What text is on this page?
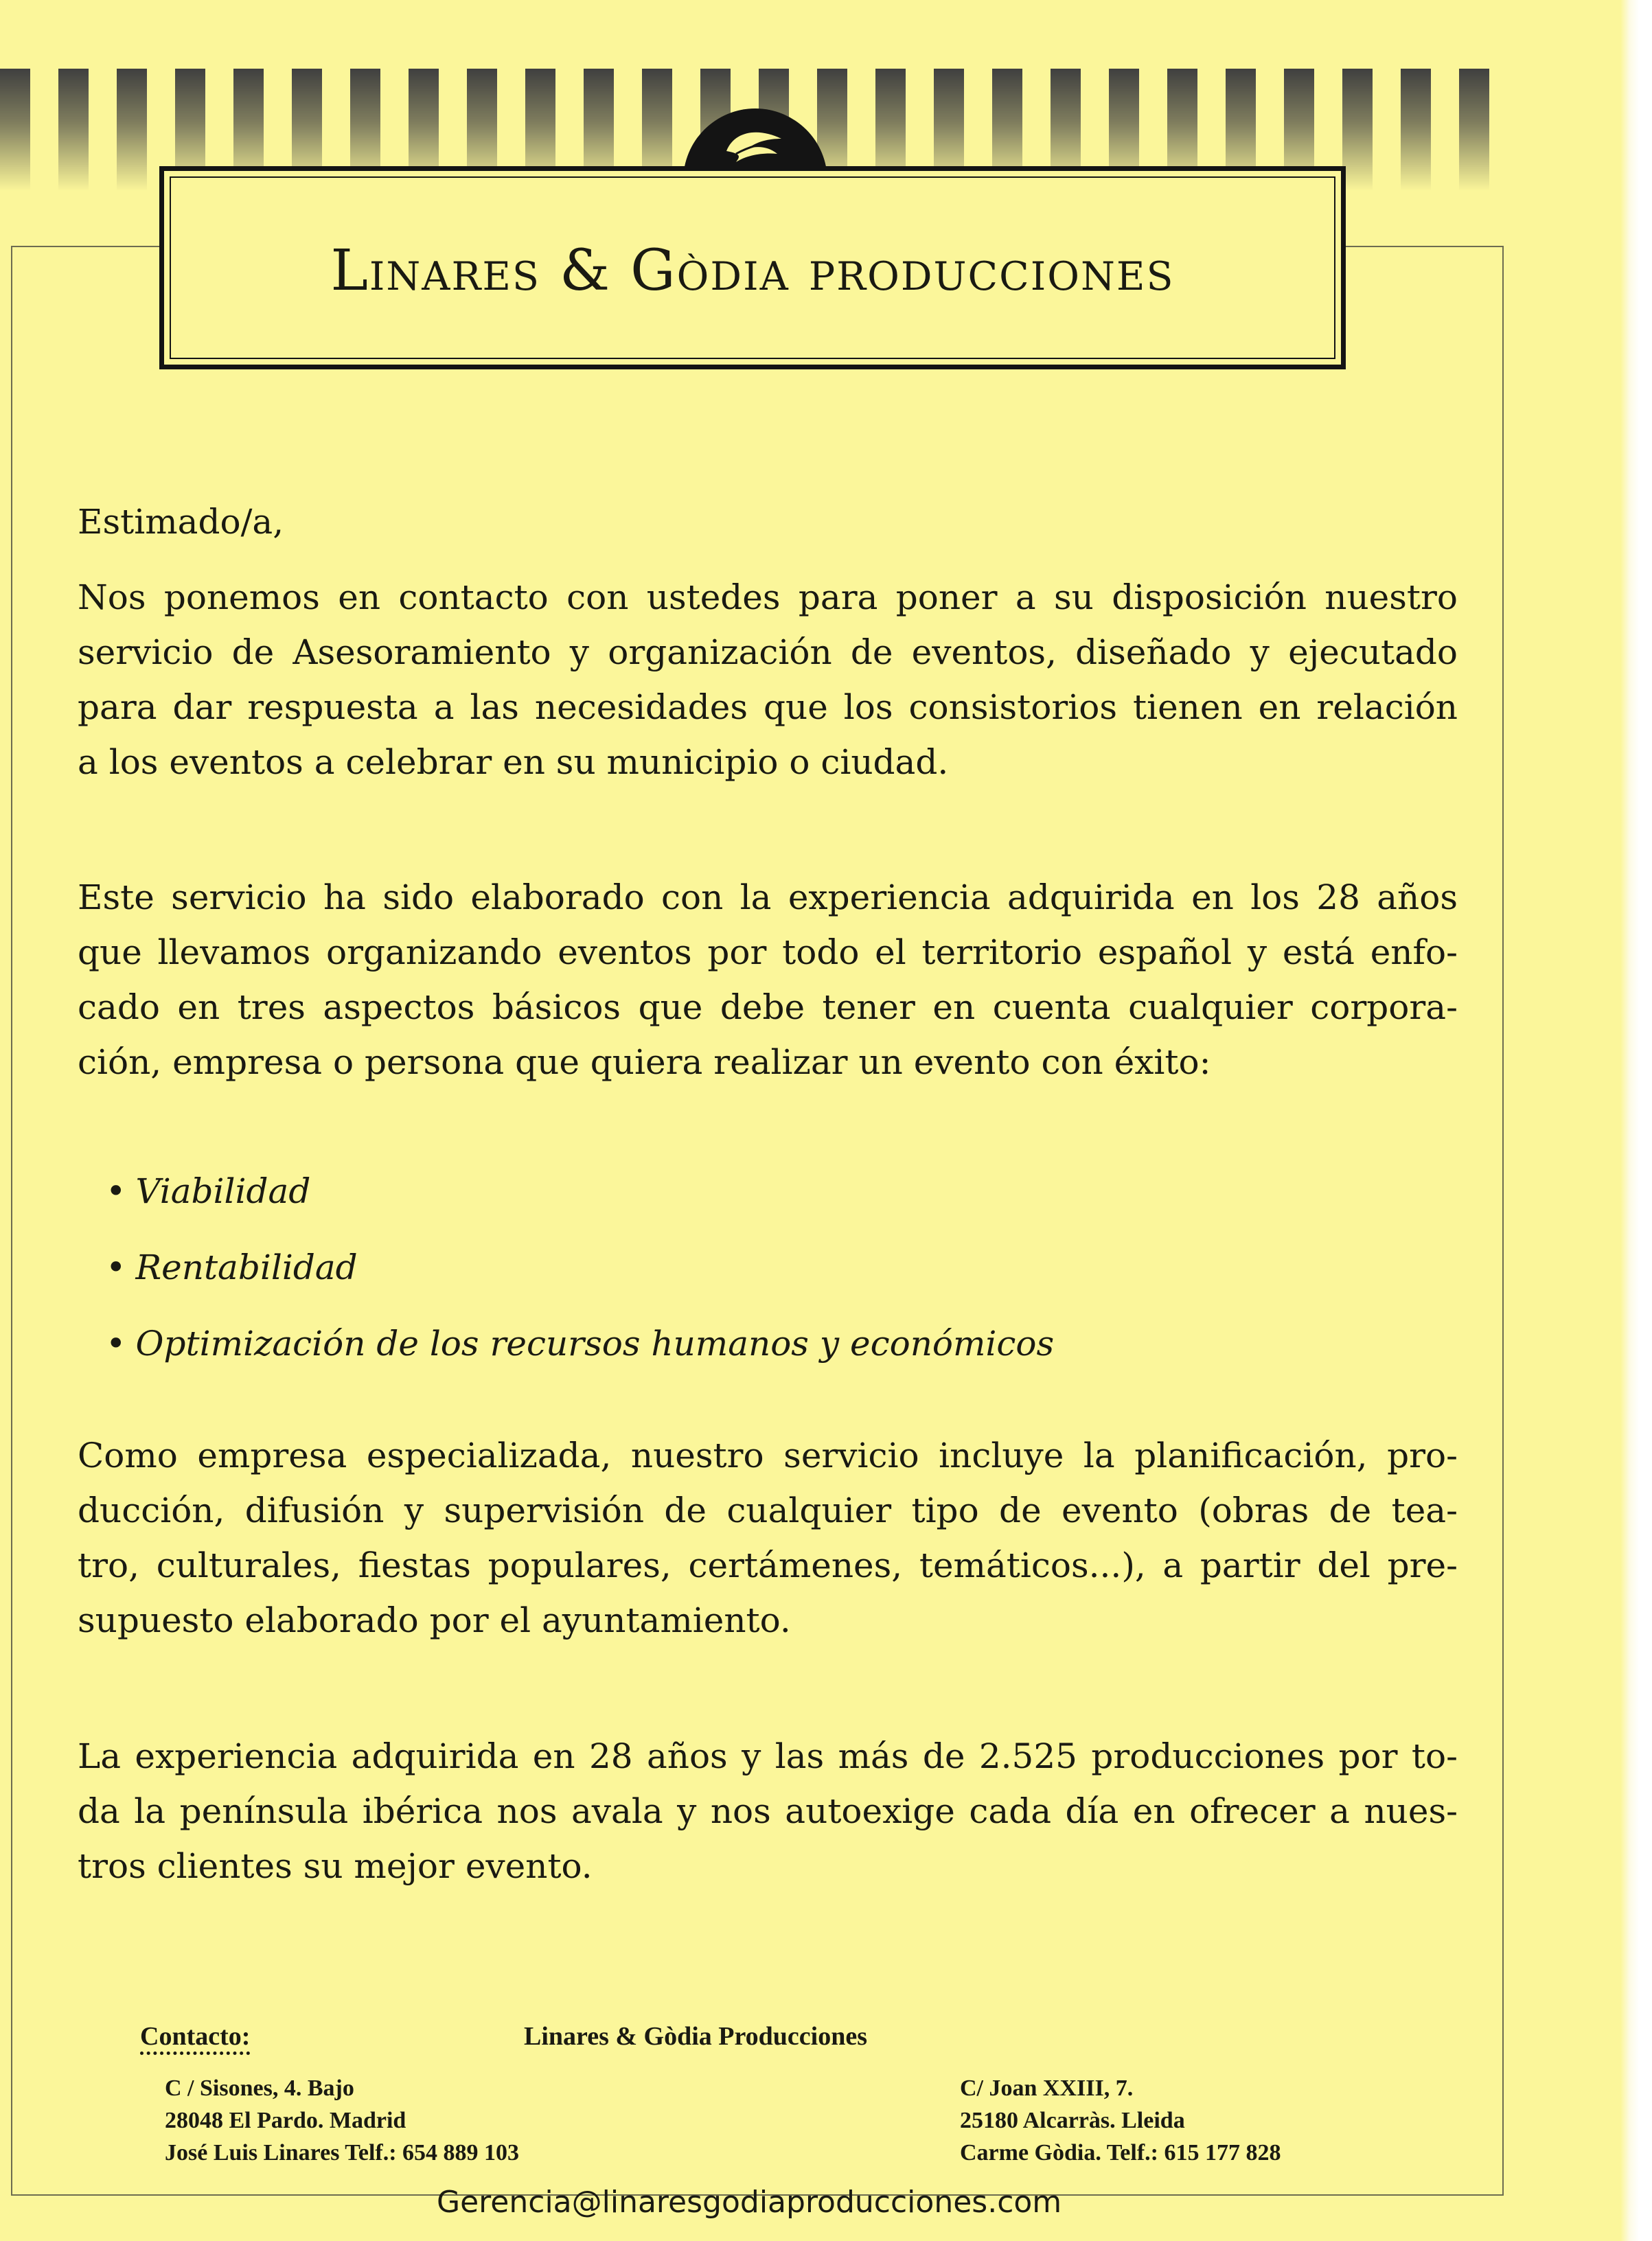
Linares & Gòdia producciones

Estimado/a,

Nos ponemos en contacto con ustedes para poner a su disposición nuestro
servicio de Asesoramiento y organización de eventos, diseñado y ejecutado
para dar respuesta a las necesidades que los consistorios tienen en relación
a los eventos a celebrar en su municipio o ciudad.

Este servicio ha sido elaborado con la experiencia adquirida en los 28 años
que llevamos organizando eventos por todo el territorio español y está enfo-
cado en tres aspectos básicos que debe tener en cuenta cualquier corpora-
ción, empresa o persona que quiera realizar un evento con éxito:

• Viabilidad
• Rentabilidad
• Optimización de los recursos humanos y económicos

Como empresa especializada, nuestro servicio incluye la planificación, pro-
ducción, difusión y supervisión de cualquier tipo de evento (obras de tea-
tro, culturales, fiestas populares, certámenes, temáticos...), a partir del pre-
supuesto elaborado por el ayuntamiento.

La experiencia adquirida en 28 años y las más de 2.525 producciones por to-
da la península ibérica nos avala y nos autoexige cada día en ofrecer a nues-
tros clientes su mejor evento.

Contacto:	Linares & Gòdia Producciones
C / Sisones, 4. Bajo
28048 El Pardo. Madrid
José Luis Linares Telf.: 654 889 103
C/ Joan XXIII, 7.
25180 Alcarràs. Lleida
Carme Gòdia. Telf.: 615 177 828
Gerencia@linaresgodiaproducciones.com
